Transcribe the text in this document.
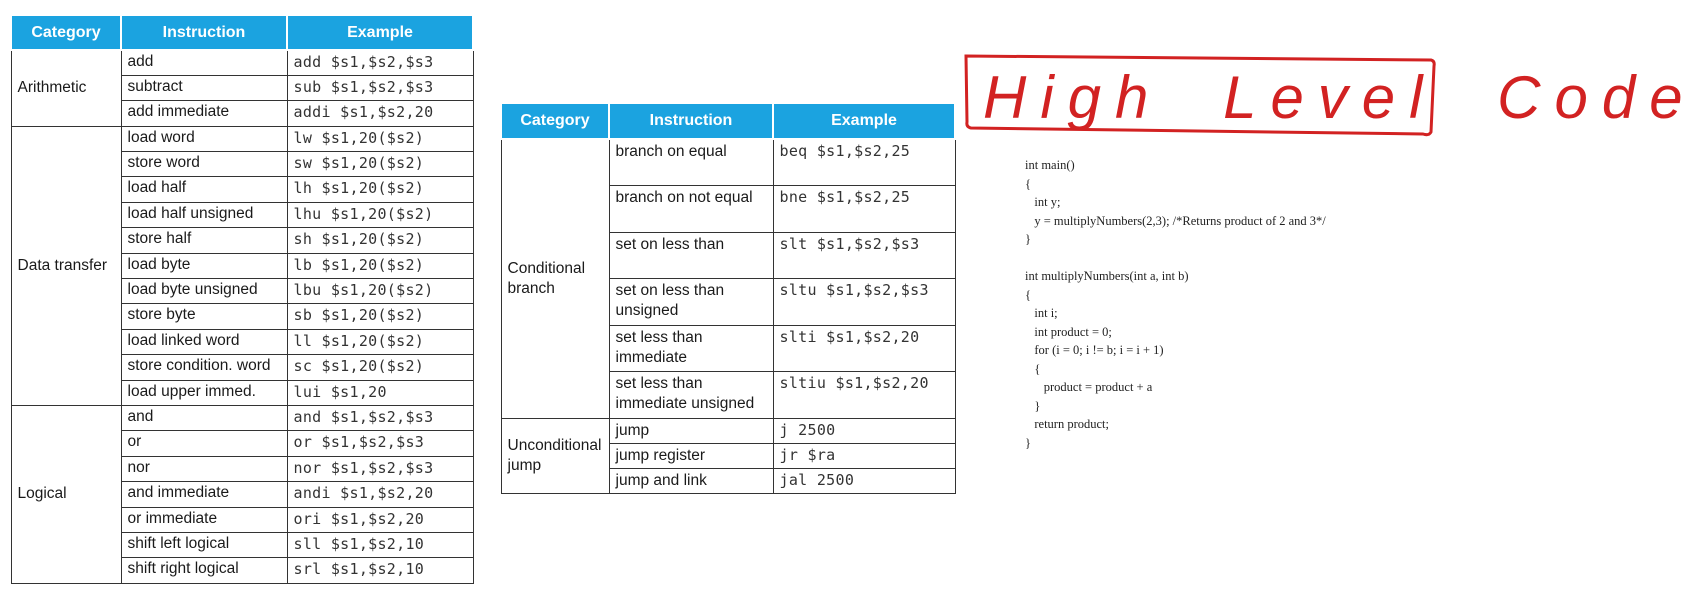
Category	Instruction	Example
Arithmetic	add	add $s1,$s2,$s3
	subtract	sub $s1,$s2,$s3
	add immediate	addi $s1,$s2,20
Data transfer	load word	lw $s1,20($s2)
	store word	sw $s1,20($s2)
	load half	lh $s1,20($s2)
	load half unsigned	lhu $s1,20($s2)
	store half	sh $s1,20($s2)
	load byte	lb $s1,20($s2)
	load byte unsigned	lbu $s1,20($s2)
	store byte	sb $s1,20($s2)
	load linked word	ll $s1,20($s2)
	store condition. word	sc $s1,20($s2)
	load upper immed.	lui $s1,20
Logical	and	and $s1,$s2,$s3
	or	or $s1,$s2,$s3
	nor	nor $s1,$s2,$s3
	and immediate	andi $s1,$s2,20
	or immediate	ori $s1,$s2,20
	shift left logical	sll $s1,$s2,10
	shift right logical	srl $s1,$s2,10
Category	Instruction	Example
Conditional branch	branch on equal	beq $s1,$s2,25
	branch on not equal	bne $s1,$s2,25
	set on less than	slt $s1,$s2,$s3
	set on less than unsigned	sltu $s1,$s2,$s3
	set less than immediate	slti $s1,$s2,20
	set less than immediate unsigned	sltiu $s1,$s2,20
Unconditional jump	jump	j 2500
	jump register	jr $ra
	jump and link	jal 2500
High Level Code
int main()
{
int y;
y = multiplyNumbers(2,3); /*Returns product of 2 and 3*/
}
int multiplyNumbers(int a, int b)
{
int i;
int product = 0;
for (i = 0; i != b; i = i + 1)
{
product = product + a
}
return product;
}
